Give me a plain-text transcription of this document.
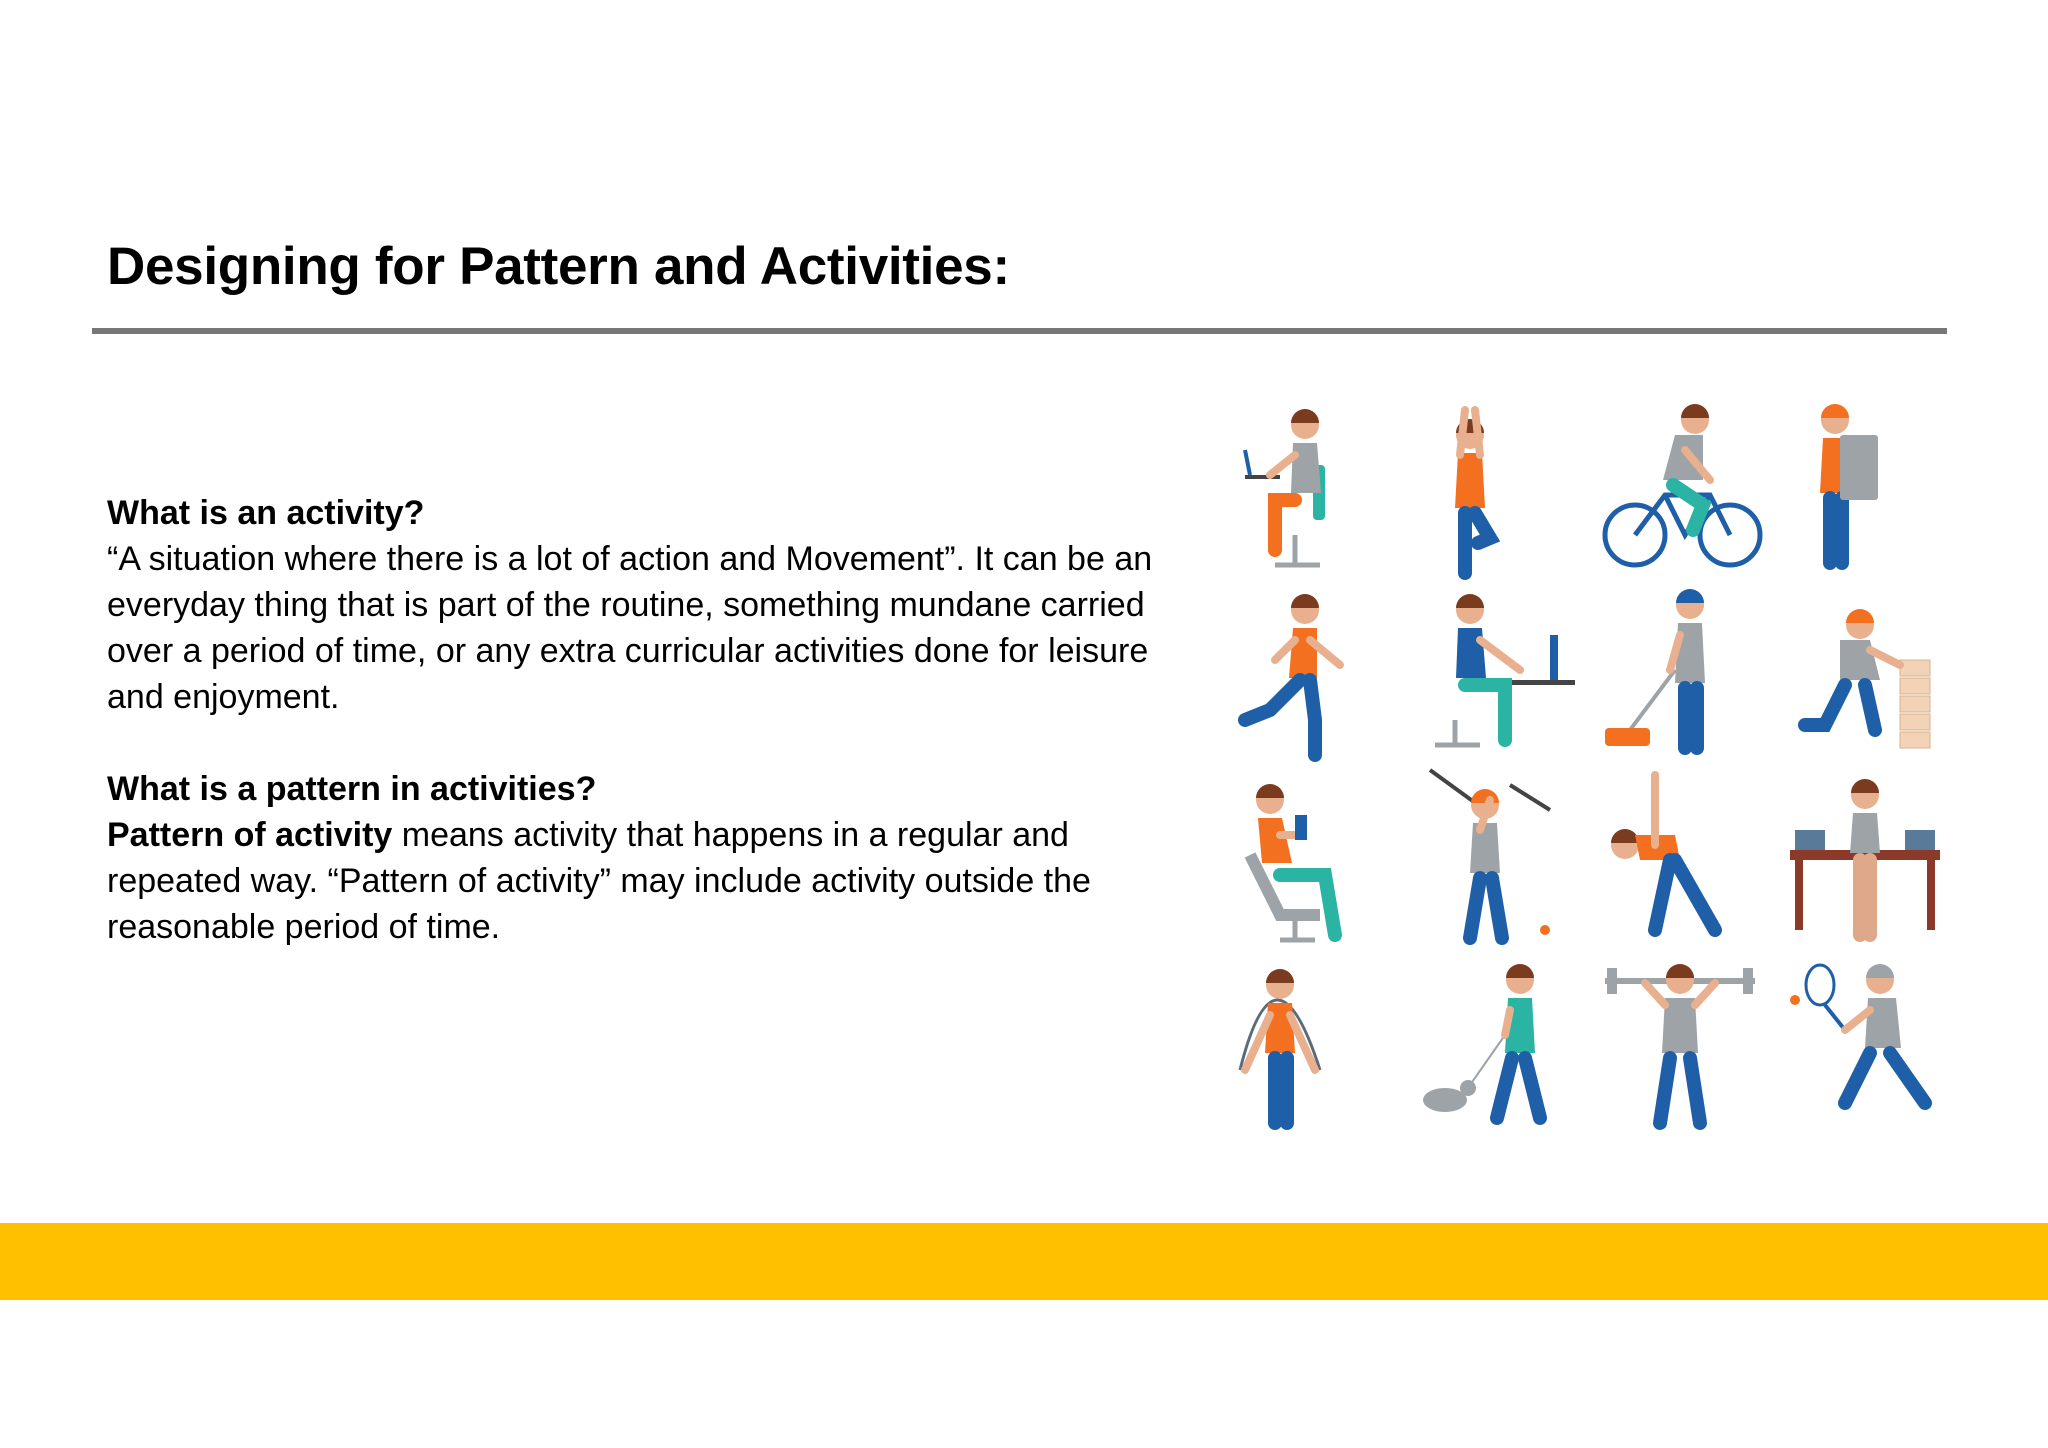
Designing for Pattern and Activities:

What is an activity?
“A situation where there is a lot of action and Movement”. It can be an everyday thing that is part of the routine, something mundane carried over a period of time, or any extra curricular activities done for leisure and enjoyment.

What is a pattern in activities?
Pattern of activity means activity that happens in a regular and repeated way. “Pattern of activity” may include activity outside the reasonable period of time.
